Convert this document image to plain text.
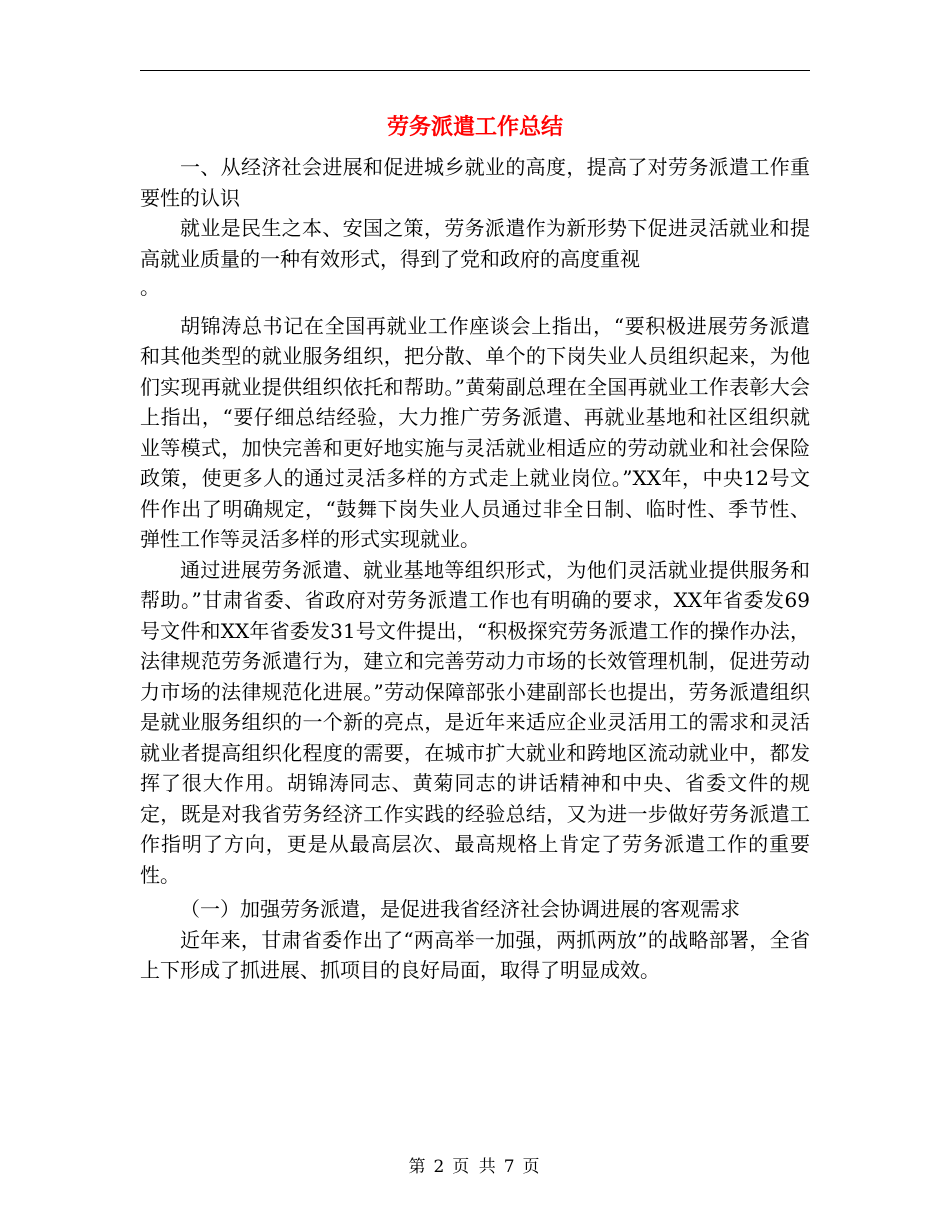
劳务派遣工作总结

一、从经济社会进展和促进城乡就业的高度，提高了对劳务派遣工作重要性的认识

就业是民生之本、安国之策，劳务派遣作为新形势下促进灵活就业和提高就业质量的一种有效形式，得到了党和政府的高度重视

。

胡锦涛总书记在全国再就业工作座谈会上指出，“要积极进展劳务派遣和其他类型的就业服务组织，把分散、单个的下岗失业人员组织起来，为他们实现再就业提供组织依托和帮助。”黄菊副总理在全国再就业工作表彰大会上指出，“要仔细总结经验，大力推广劳务派遣、再就业基地和社区组织就业等模式，加快完善和更好地实施与灵活就业相适应的劳动就业和社会保险政策，使更多人的通过灵活多样的方式走上就业岗位。”XX年，中央12号文件作出了明确规定，“鼓舞下岗失业人员通过非全日制、临时性、季节性、弹性工作等灵活多样的形式实现就业。

通过进展劳务派遣、就业基地等组织形式，为他们灵活就业提供服务和帮助。”甘肃省委、省政府对劳务派遣工作也有明确的要求，XX年省委发69号文件和XX年省委发31号文件提出，“积极探究劳务派遣工作的操作办法，法律规范劳务派遣行为，建立和完善劳动力市场的长效管理机制，促进劳动力市场的法律规范化进展。”劳动保障部张小建副部长也提出，劳务派遣组织是就业服务组织的一个新的亮点，是近年来适应企业灵活用工的需求和灵活就业者提高组织化程度的需要，在城市扩大就业和跨地区流动就业中，都发挥了很大作用。胡锦涛同志、黄菊同志的讲话精神和中央、省委文件的规定，既是对我省劳务经济工作实践的经验总结，又为进一步做好劳务派遣工作指明了方向，更是从最高层次、最高规格上肯定了劳务派遣工作的重要性。

（一）加强劳务派遣，是促进我省经济社会协调进展的客观需求

近年来，甘肃省委作出了“两高举一加强，两抓两放”的战略部署，全省上下形成了抓进展、抓项目的良好局面，取得了明显成效。

第 2 页 共 7 页
